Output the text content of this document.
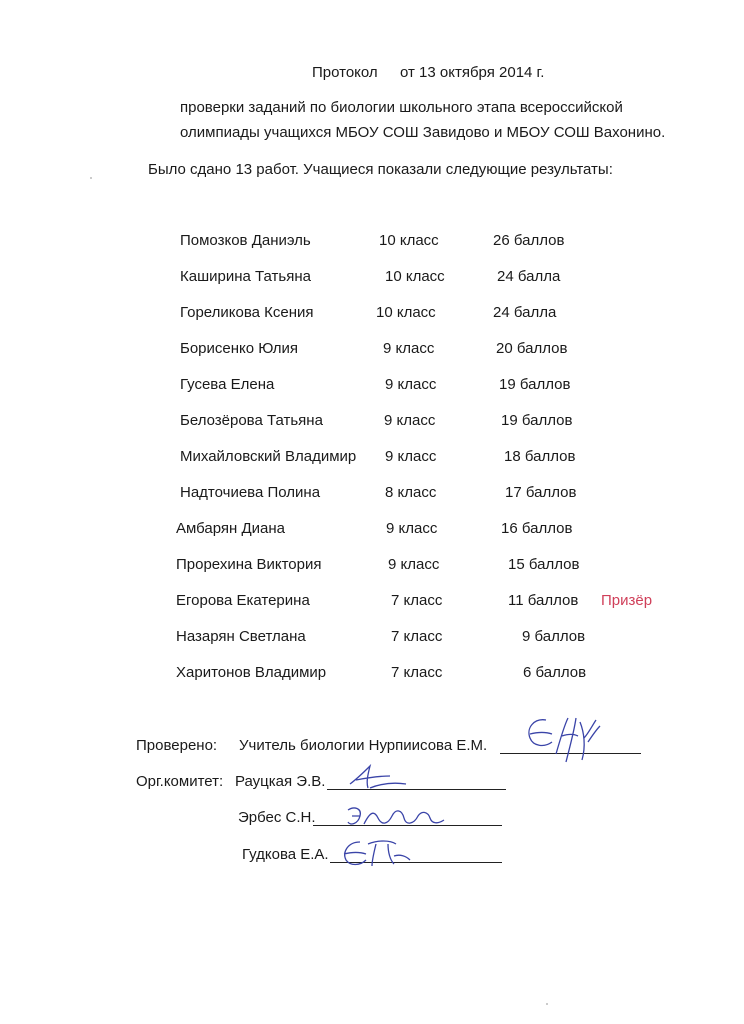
Протокол от 13 октября 2014 г.
проверки заданий по биологии школьного этапа всероссийской
олимпиады учащихся МБОУ СОШ Завидово и МБОУ СОШ Вахонино.
Было сдано 13 работ. Учащиеся показали следующие результаты:
Помозков Даниэль	10 класс	26 баллов
Каширина Татьяна	10 класс	24 балла
Гореликова Ксения	10 класс	24 балла
Борисенко Юлия	9 класс	20 баллов
Гусева Елена	9 класс	19 баллов
Белозёрова Татьяна	9 класс	19 баллов
Михайловский Владимир 9 класс	18 баллов
Надточиева Полина	8 класс	17 баллов
Амбарян Диана	9 класс	16 баллов
Прорехина Виктория	9 класс	15 баллов
Егорова Екатерина	7 класс	11 баллов Призёр
Назарян Светлана	7 класс	9 баллов
Харитонов Владимир	7 класс	6 баллов
Проверено: Учитель биологии Нурпиисова Е.М.
Орг.комитет: Рауцкая Э.В.
Эрбес С.Н.
Гудкова Е.А.
